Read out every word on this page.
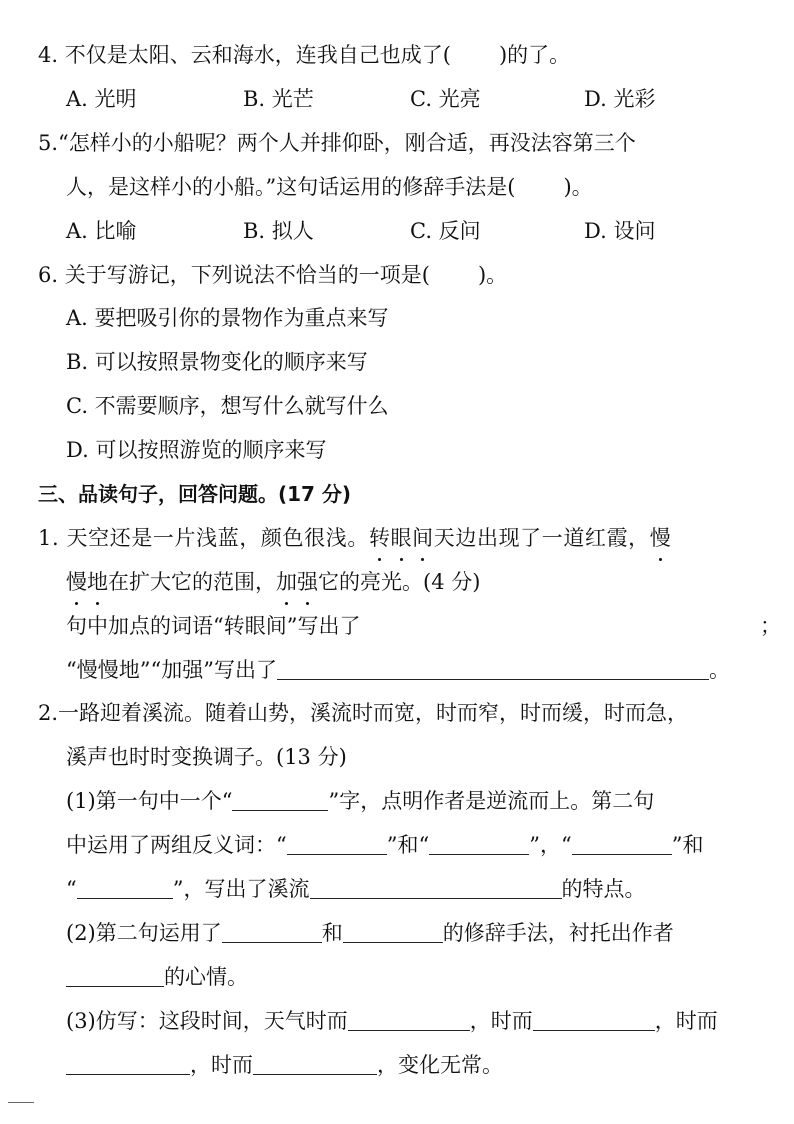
4. 不仅是太阳、云和海水，连我自己也成了( )的了。
A. 光明	B. 光芒	C. 光亮	D. 光彩
5.“怎样小的小船呢？两个人并排仰卧，刚合适，再没法容第三个
人，是这样小的小船。”这句话运用的修辞手法是( )。
A. 比喻	B. 拟人	C. 反问	D. 设问
6. 关于写游记，下列说法不恰当的一项是( )。
A. 要把吸引你的景物作为重点来写
B. 可以按照景物变化的顺序来写
C. 不需要顺序，想写什么就写什么
D. 可以按照游览的顺序来写
三、品读句子，回答问题。(17 分)
1. 天空还是一片浅蓝，颜色很浅。转眼间天边出现了一道红霞，慢
慢地在扩大它的范围，加强它的亮光。(4 分)
句中加点的词语“转眼间”写出了	；
“慢慢地”“加强”写出了	。
2.一路迎着溪流。随着山势，溪流时而宽，时而窄，时而缓，时而急，
溪声也时时变换调子。(13 分)
(1)第一句中一个“	”字，点明作者是逆流而上。第二句
中运用了两组反义词：“	”和“	”，“	”和
“	”，写出了溪流	的特点。
(2)第二句运用了	和	的修辞手法，衬托出作者
的心情。
(3)仿写：这段时间，天气时而	，时而	，时而
，时而	，变化无常。
